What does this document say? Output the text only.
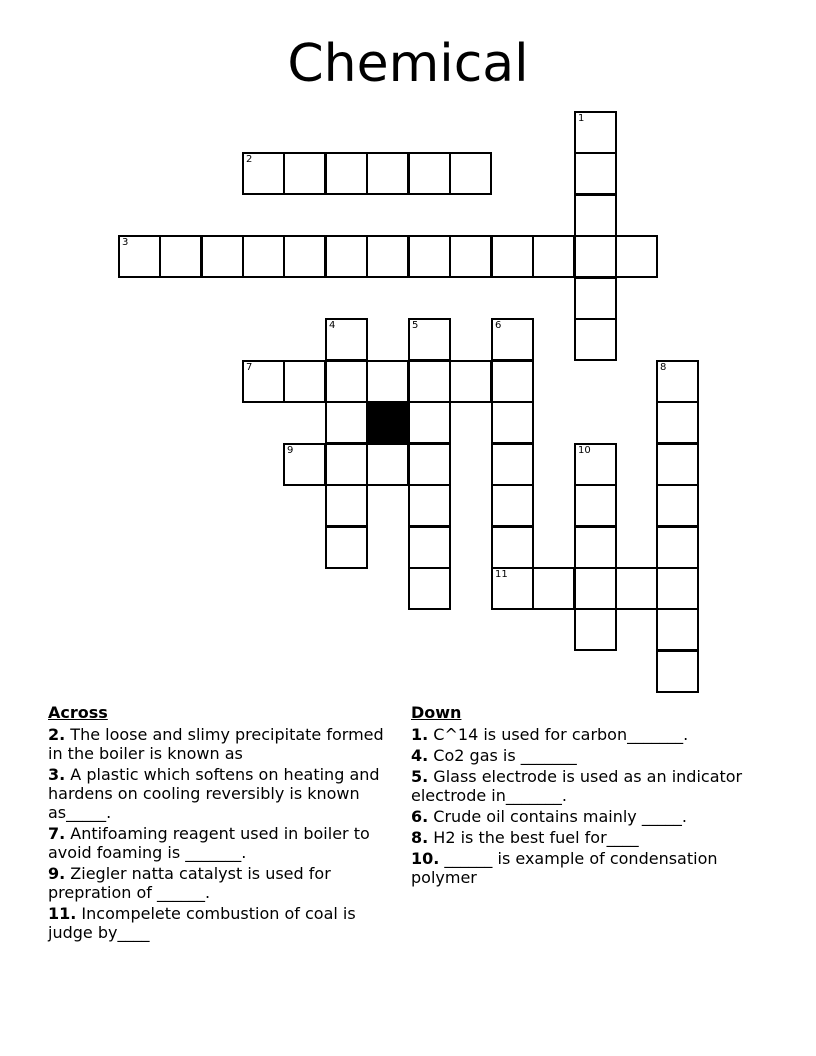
Chemical
1
2
3
4	5	6
7	8
9	10
11
Across
2. The loose and slimy precipitate formed in the boiler is known as
3. A plastic which softens on heating and hardens on cooling reversibly is known as_____.
7. Antifoaming reagent used in boiler to avoid foaming is _______.
9. Ziegler natta catalyst is used for prepration of ______.
11. Incompelete combustion of coal is judge by____
Down
1. C^14 is used for carbon_______.
4. Co2 gas is _______
5. Glass electrode is used as an indicator electrode in_______.
6. Crude oil contains mainly _____.
8. H2 is the best fuel for____
10. ______ is example of condensation polymer
